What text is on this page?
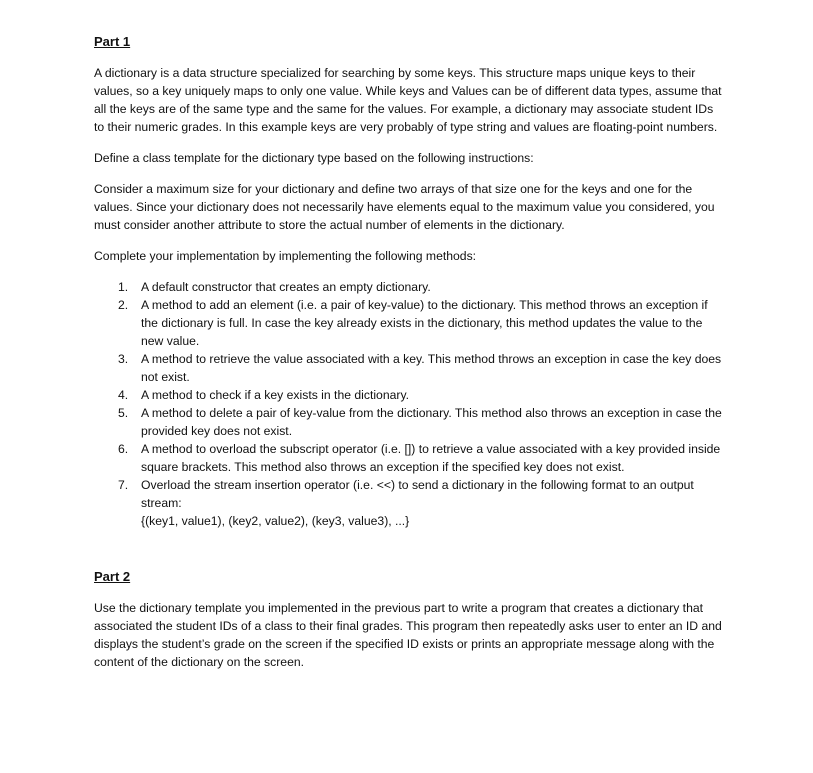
Part 1

A dictionary is a data structure specialized for searching by some keys. This structure maps unique keys to their values, so a key uniquely maps to only one value. While keys and Values can be of different data types, assume that all the keys are of the same type and the same for the values. For example, a dictionary may associate student IDs to their numeric grades. In this example keys are very probably of type string and values are floating-point numbers.

Define a class template for the dictionary type based on the following instructions:

Consider a maximum size for your dictionary and define two arrays of that size one for the keys and one for the values. Since your dictionary does not necessarily have elements equal to the maximum value you considered, you must consider another attribute to store the actual number of elements in the dictionary.

Complete your implementation by implementing the following methods:

1. A default constructor that creates an empty dictionary.
2. A method to add an element (i.e. a pair of key-value) to the dictionary. This method throws an exception if the dictionary is full. In case the key already exists in the dictionary, this method updates the value to the new value.
3. A method to retrieve the value associated with a key. This method throws an exception in case the key does not exist.
4. A method to check if a key exists in the dictionary.
5. A method to delete a pair of key-value from the dictionary. This method also throws an exception in case the provided key does not exist.
6. A method to overload the subscript operator (i.e. []) to retrieve a value associated with a key provided inside square brackets. This method also throws an exception if the specified key does not exist.
7. Overload the stream insertion operator (i.e. <<) to send a dictionary in the following format to an output stream:
{(key1, value1), (key2, value2), (key3, value3), ...}
Part 2

Use the dictionary template you implemented in the previous part to write a program that creates a dictionary that associated the student IDs of a class to their final grades. This program then repeatedly asks user to enter an ID and displays the student’s grade on the screen if the specified ID exists or prints an appropriate message along with the content of the dictionary on the screen.
